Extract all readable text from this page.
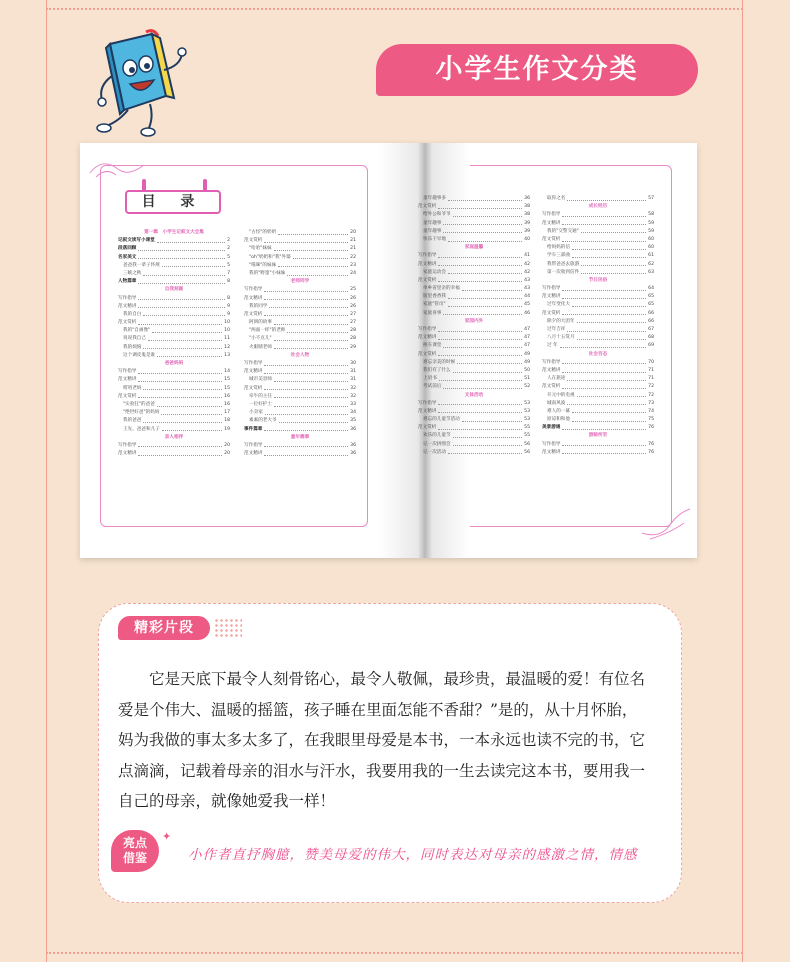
小学生作文分类
目 录
第一辑　小学生记叙文大全集
记叙文读写小课堂	2
段落回顾	2
名家美文	5
爸爸我一辈子怀规	5
三峡之秋	7
人物篇章	8
自我刻画
写作指导	8
范文精讲	9
我的自白	9
范文赏析	10
我的"自画像"	10
说说我自己	11
我的烦恼	12
这个调皮鬼是谁	13
爸爸妈妈
写作指导	14
范文精讲	15
唠叨老妈	15
范文赏析	16
"实验狂"的爸爸	16
"绝世好爸"的妈妈	17
我的爸爸	18
王先、爸爸和儿子	19
亲人相伴
写作指导	20
范文精讲	20
"古怪"的奶奶	20
范文赏析	21
"哈哈"妹妹	21
"oh"奶奶和"我"外婆	22
"喵咪"的妹妹	23
我的"野蛮"小妹妹	24
老师同学
写作指导	25
范文精讲	26
我的同学	26
范文赏析	27
阿朗的故事	27
"两面一样"的老师	28
"小不点儿"	28
火眼睛老师	29
社会人物
写作指导	30
范文精讲	31
城市美容师	31
范文赏析	32
牵牛的主任	32
一位好护士	33
小卖家	34
素素的老大爷	35
事件篇章	36
童年趣事
写作指导	36
范文精讲	36
童年趣事多	36
范文赏析	38
给外公和爷爷	38
童年趣事	39
童年趣事	39
快乐干旱地	40
家庭温馨
写作指导	41
范文精讲	42
家庭运动会	42
范文赏析	43
单乡省里亲的幸福	43
版里香香我	44
家庭"管司"	45
家庭喜事	46
家园内外
写作指导	47
范文精讲	47
换车课堂	47
范文赏析	49
难忘亲美的时候	49
我们有了什么	50
上语书	51
考试前后	52
文体活动
写作指导	53
范文精讲	53
难忘的儿童节活动	53
范文赏析	55
欢乐的儿童节	55
记一次拼图会	56
记一次活动	56
取你之名	57
成长经历
写作指导	58
范文精讲	59
我的"交警交通"	59
范文赏析	60
给妈妈的信	60
学车三部曲	61
我带爸爸去旅游	62
第一次收到信件	63
节日民俗
写作指导	64
范文精讲	65
过年变化大	65
范文赏析	66
除夕的大团年	66
过年吉祥	67
八月十五赏月	68
过 年	69
社会百态
写作指导	70
范文精讲	71
人在旅途	71
范文赏析	72
开元中的电视	72
城南风波	73
难人的一幕	74
原谅和和他	75
美景游通	76
游踪所至
写作指导	76
范文精讲	76
精彩片段
　　它是天底下最令人刻骨铭心，最令人敬佩，最珍贵，最温暖的爱！有位名
爱是个伟大、温暖的摇篮，孩子睡在里面怎能不香甜？”是的，从十月怀胎，
妈为我做的事太多太多了，在我眼里母爱是本书，一本永远也读不完的书，它
点滴滴，记载着母亲的泪水与汗水，我要用我的一生去读完这本书，要用我一
自己的母亲，就像她爱我一样！
亮点
借鉴
✦
小作者直抒胸臆，赞美母爱的伟大，同时表达对母亲的感激之情，情感
